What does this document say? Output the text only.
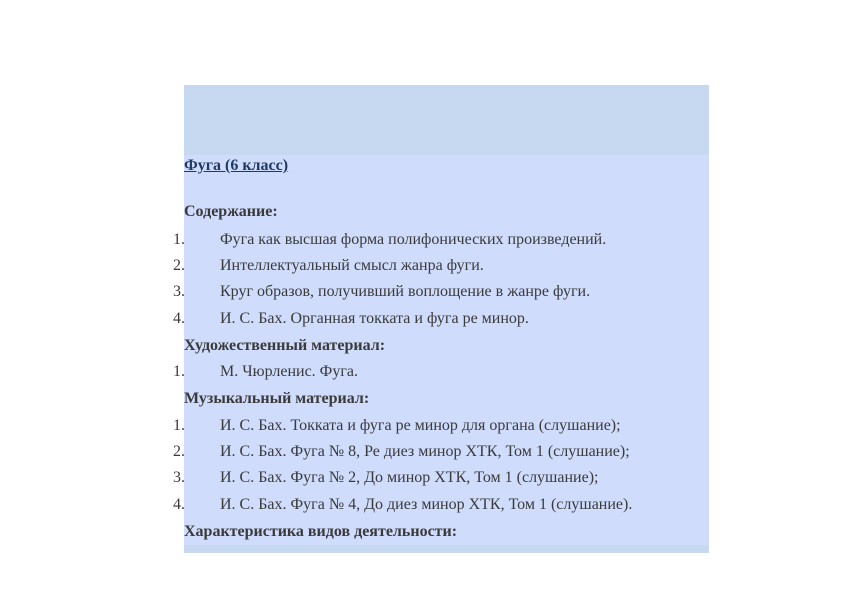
Фуга (6 класс)
Содержание:
1. Фуга как высшая форма полифонических произведений.
2. Интеллектуальный смысл жанра фуги.
3. Круг образов, получивший воплощение в жанре фуги.
4. И. С. Бах. Органная токката и фуга ре минор.
Художественный материал:
1. М. Чюрленис. Фуга.
Музыкальный материал:
1. И. С. Бах. Токката и фуга ре минор для органа (слушание);
2. И. С. Бах. Фуга № 8, Ре диез минор ХТК, Том 1 (слушание);
3. И. С. Бах. Фуга № 2, До минор ХТК, Том 1 (слушание);
4. И. С. Бах. Фуга № 4, До диез минор ХТК, Том 1 (слушание).
Характеристика видов деятельности:
